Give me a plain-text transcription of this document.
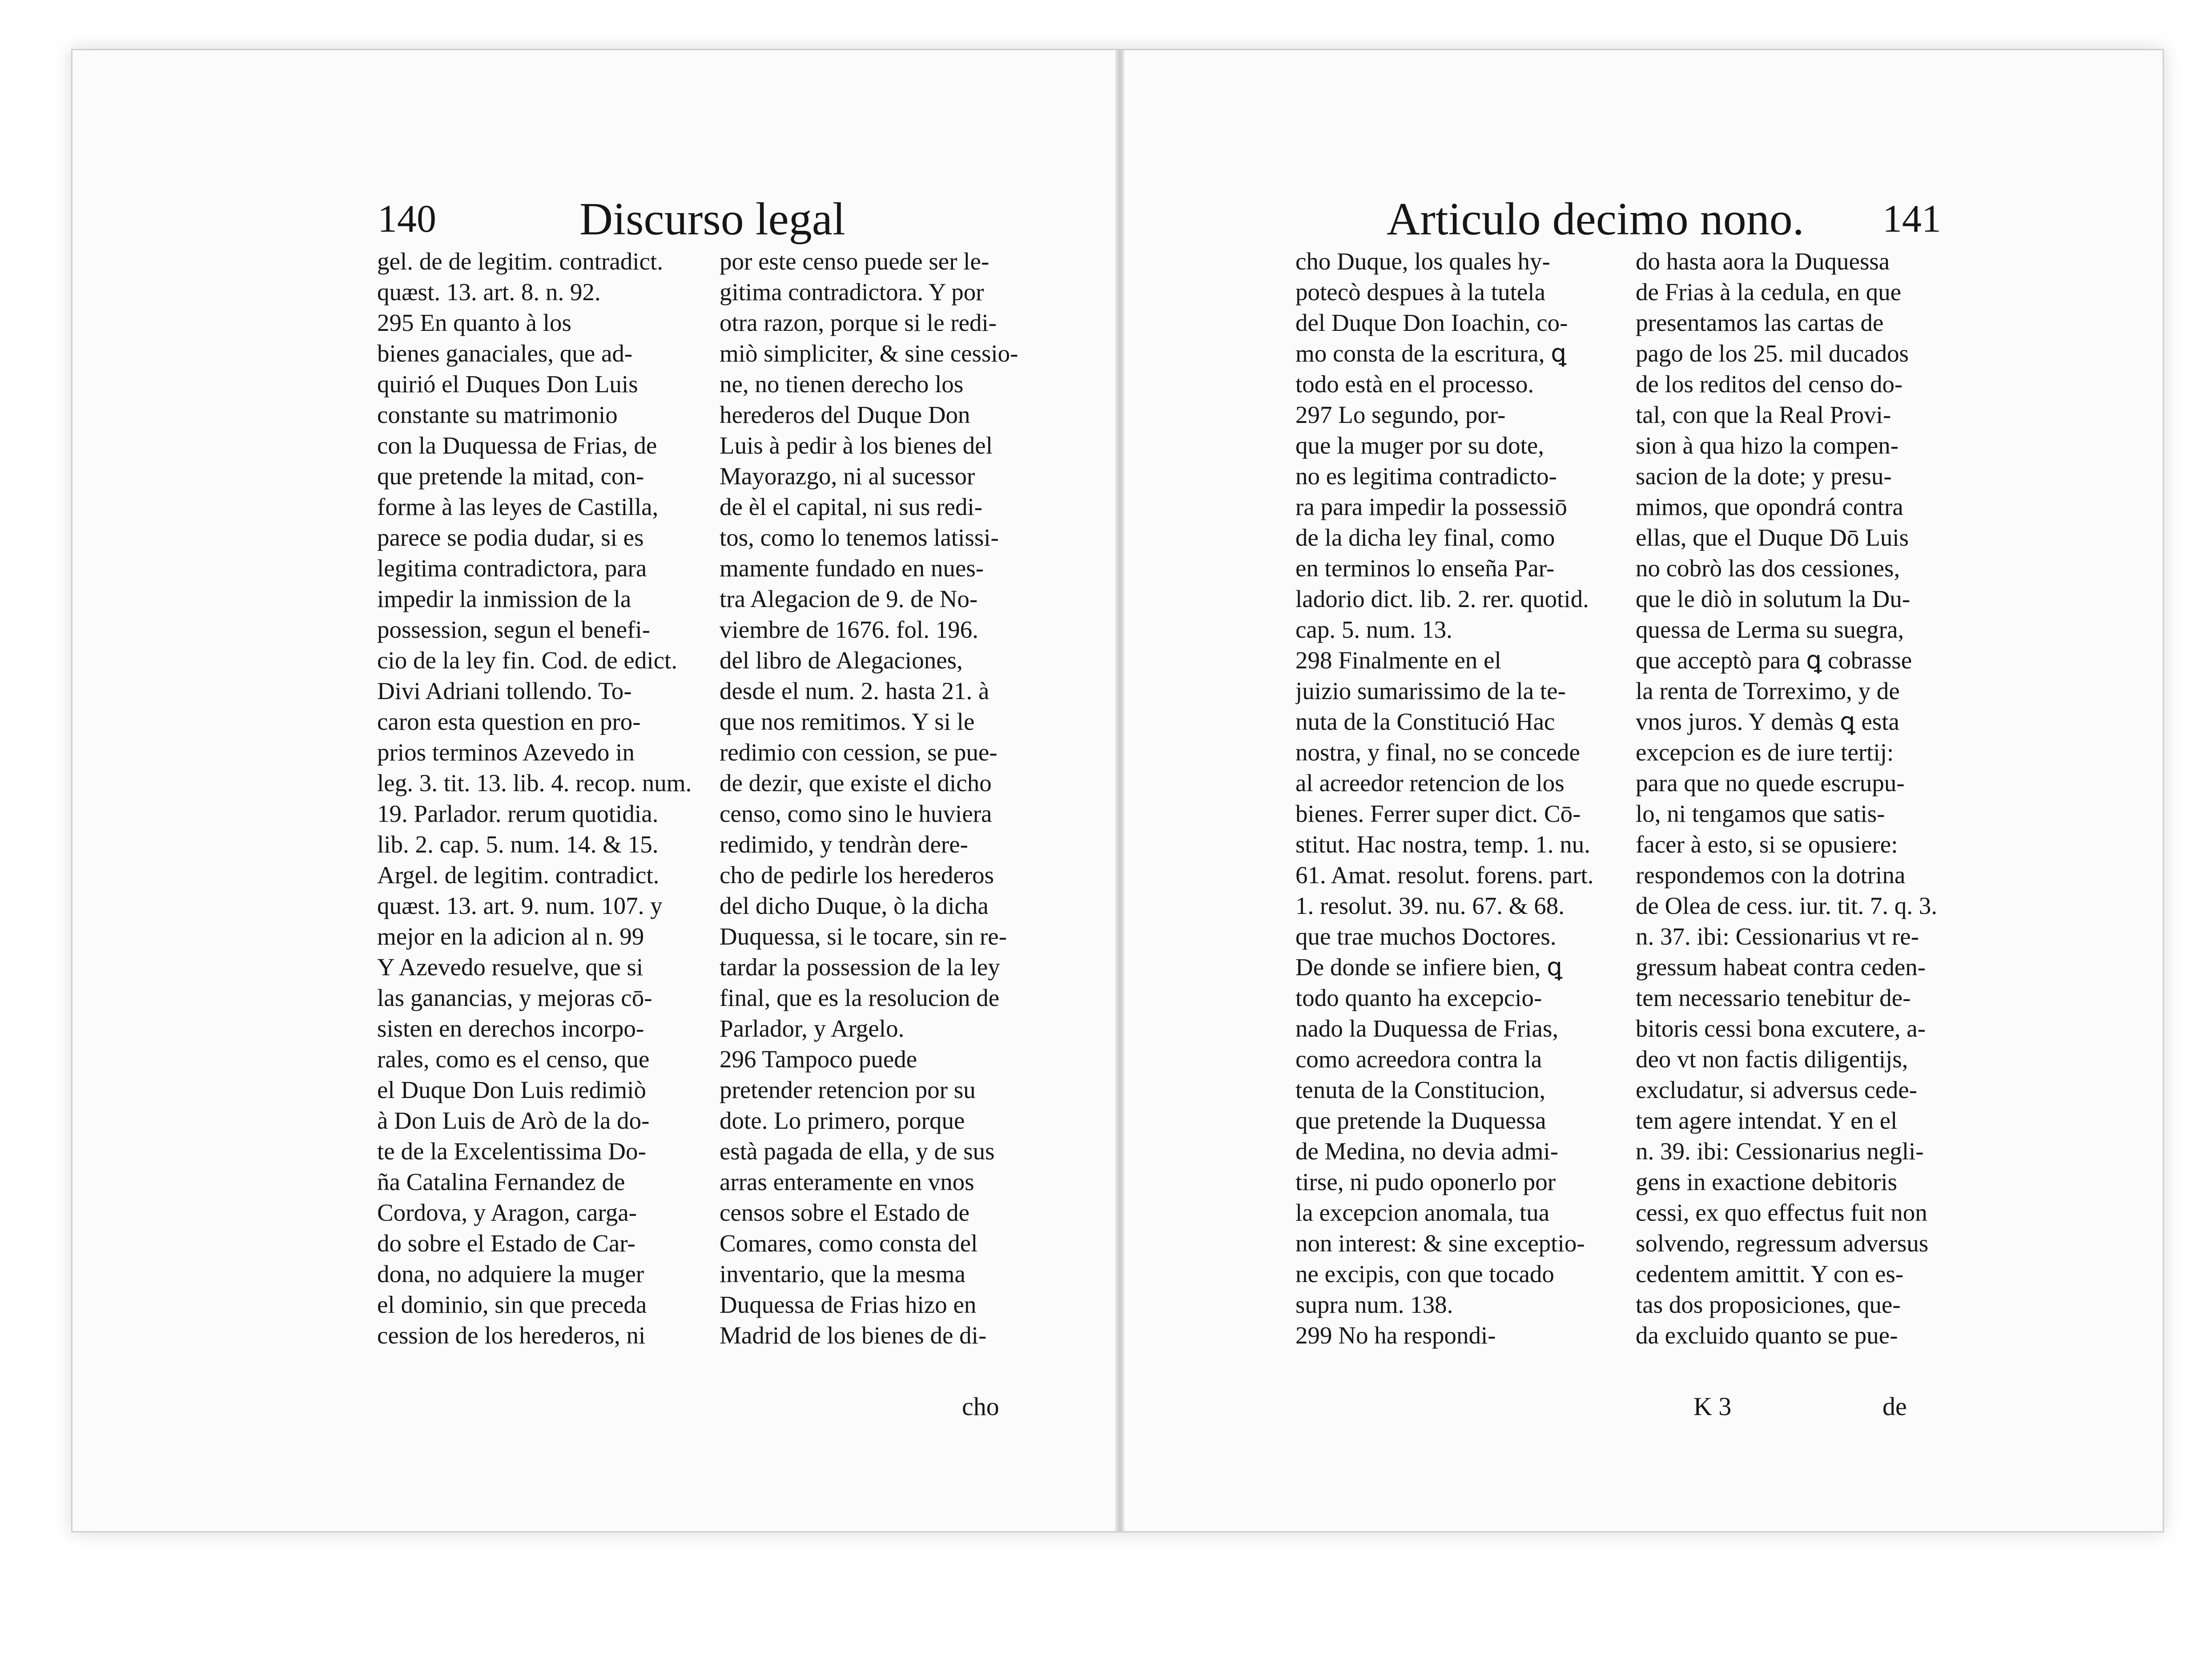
140	Discurso legal
gel. de de legitim. contradict.
quæst. 13. art. 8. n. 92.
295 En quanto à los
bienes ganaciales, que ad-
quirió el Duques Don Luis
constante su matrimonio
con la Duquessa de Frias, de
que pretende la mitad, con-
forme à las leyes de Castilla,
parece se podia dudar, si es
legitima contradictora, para
impedir la inmission de la
possession, segun el benefi-
cio de la ley fin. Cod. de edict.
Divi Adriani tollendo. To-
caron esta question en pro-
prios terminos Azevedo in
leg. 3. tit. 13. lib. 4. recop. num.
19. Parlador. rerum quotidia.
lib. 2. cap. 5. num. 14. & 15.
Argel. de legitim. contradict.
quæst. 13. art. 9. num. 107. y
mejor en la adicion al n. 99
Y Azevedo resuelve, que si
las ganancias, y mejoras cō-
sisten en derechos incorpo-
rales, como es el censo, que
el Duque Don Luis redimiò
à Don Luis de Arò de la do-
te de la Excelentissima Do-
ña Catalina Fernandez de
Cordova, y Aragon, carga-
do sobre el Estado de Car-
dona, no adquiere la muger
el dominio, sin que preceda
cession de los herederos, ni
por este censo puede ser le-
gitima contradictora. Y por
otra razon, porque si le redi-
miò simpliciter, & sine cessio-
ne, no tienen derecho los
herederos del Duque Don
Luis à pedir à los bienes del
Mayorazgo, ni al sucessor
de èl el capital, ni sus redi-
tos, como lo tenemos latissi-
mamente fundado en nues-
tra Alegacion de 9. de No-
viembre de 1676. fol. 196.
del libro de Alegaciones,
desde el num. 2. hasta 21. à
que nos remitimos. Y si le
redimio con cession, se pue-
de dezir, que existe el dicho
censo, como sino le huviera
redimido, y tendràn dere-
cho de pedirle los herederos
del dicho Duque, ò la dicha
Duquessa, si le tocare, sin re-
tardar la possession de la ley
final, que es la resolucion de
Parlador, y Argelo.
296 Tampoco puede
pretender retencion por su
dote. Lo primero, porque
està pagada de ella, y de sus
arras enteramente en vnos
censos sobre el Estado de
Comares, como consta del
inventario, que la mesma
Duquessa de Frias hizo en
Madrid de los bienes de di-
cho
Articulo decimo nono. 141
cho Duque, los quales hy-
potecò despues à la tutela
del Duque Don Ioachin, co-
mo consta de la escritura, ꝗ
todo està en el processo.
297 Lo segundo, por-
que la muger por su dote,
no es legitima contradicto-
ra para impedir la possessiō
de la dicha ley final, como
en terminos lo enseña Par-
ladorio dict. lib. 2. rer. quotid.
cap. 5. num. 13.
298 Finalmente en el
juizio sumarissimo de la te-
nuta de la Constitució Hac
nostra, y final, no se concede
al acreedor retencion de los
bienes. Ferrer super dict. Cō-
stitut. Hac nostra, temp. 1. nu.
61. Amat. resolut. forens. part.
1. resolut. 39. nu. 67. & 68.
que trae muchos Doctores.
De donde se infiere bien, ꝗ
todo quanto ha excepcio-
nado la Duquessa de Frias,
como acreedora contra la
tenuta de la Constitucion,
que pretende la Duquessa
de Medina, no devia admi-
tirse, ni pudo oponerlo por
la excepcion anomala, tua
non interest: & sine exceptio-
ne excipis, con que tocado
supra num. 138.
299 No ha respondi-
do hasta aora la Duquessa
de Frias à la cedula, en que
presentamos las cartas de
pago de los 25. mil ducados
de los reditos del censo do-
tal, con que la Real Provi-
sion à qua hizo la compen-
sacion de la dote; y presu-
mimos, que opondrá contra
ellas, que el Duque Dō Luis
no cobrò las dos cessiones,
que le diò in solutum la Du-
quessa de Lerma su suegra,
que acceptò para ꝗ cobrasse
la renta de Torreximo, y de
vnos juros. Y demàs ꝗ esta
excepcion es de iure tertij:
para que no quede escrupu-
lo, ni tengamos que satis-
facer à esto, si se opusiere:
respondemos con la dotrina
de Olea de cess. iur. tit. 7. q. 3.
n. 37. ibi: Cessionarius vt re-
gressum habeat contra ceden-
tem necessario tenebitur de-
bitoris cessi bona excutere, a-
deo vt non factis diligentijs,
excludatur, si adversus cede-
tem agere intendat. Y en el
n. 39. ibi: Cessionarius negli-
gens in exactione debitoris
cessi, ex quo effectus fuit non
solvendo, regressum adversus
cedentem amittit. Y con es-
tas dos proposiciones, que-
da excluido quanto se pue-
K 3	de
